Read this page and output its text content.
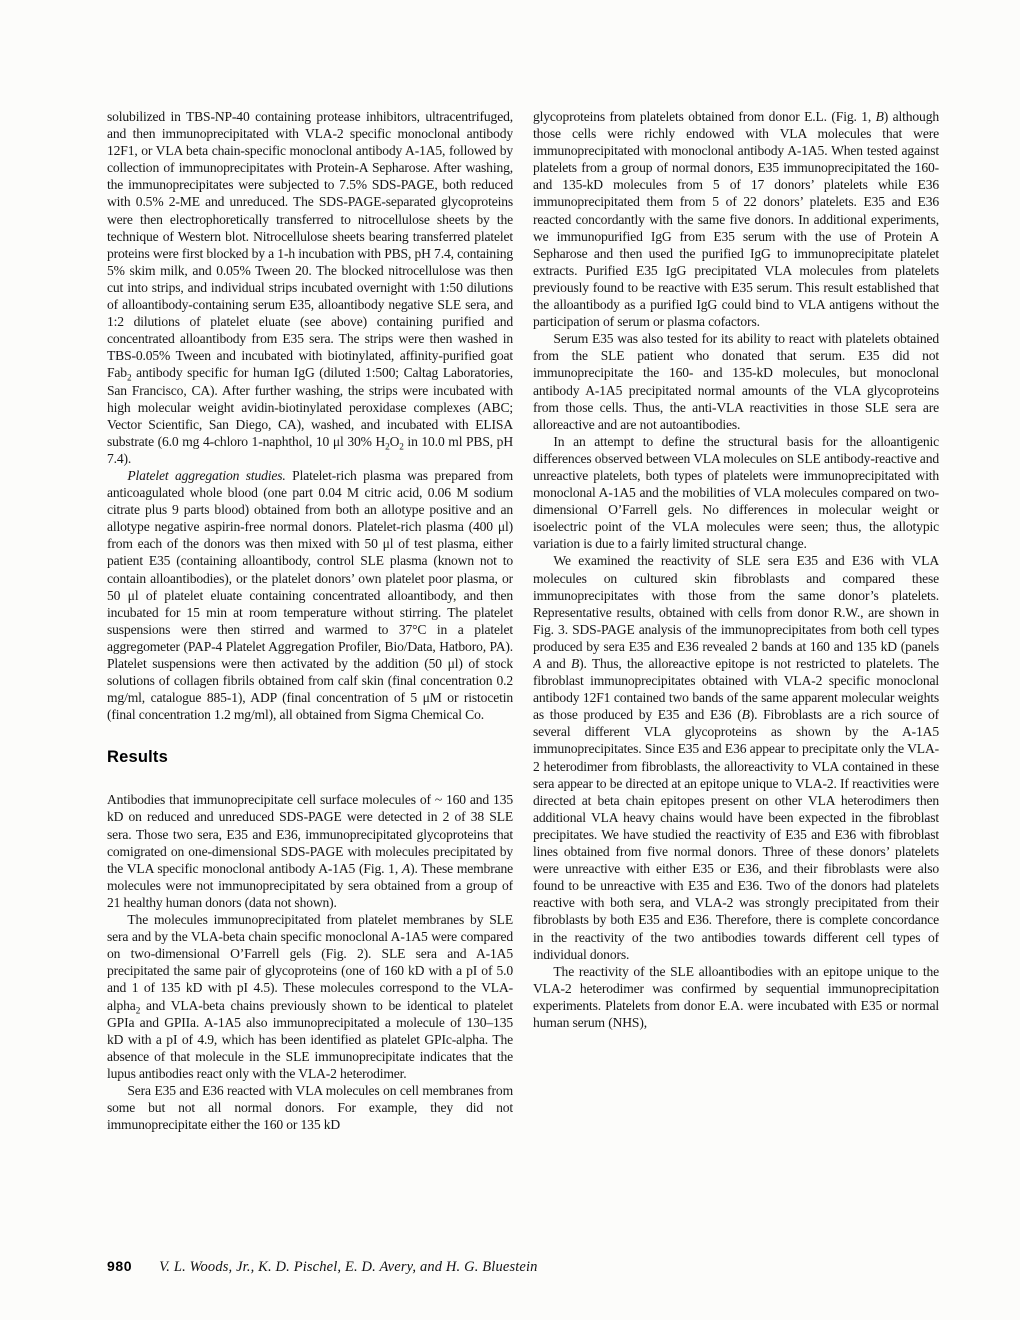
solubilized in TBS-NP-40 containing protease inhibitors, ultracentrifuged, and then immunoprecipitated with VLA-2 specific monoclonal antibody 12F1, or VLA beta chain-specific monoclonal antibody A-1A5, followed by collection of immunoprecipitates with Protein-A Sepharose. After washing, the immunoprecipitates were subjected to 7.5% SDS-PAGE, both reduced with 0.5% 2-ME and unreduced. The SDS-PAGE-separated glycoproteins were then electrophoretically transferred to nitrocellulose sheets by the technique of Western blot. Nitrocellulose sheets bearing transferred platelet proteins were first blocked by a 1-h incubation with PBS, pH 7.4, containing 5% skim milk, and 0.05% Tween 20. The blocked nitrocellulose was then cut into strips, and individual strips incubated overnight with 1:50 dilutions of alloantibody-containing serum E35, alloantibody negative SLE sera, and 1:2 dilutions of platelet eluate (see above) containing purified and concentrated alloantibody from E35 sera. The strips were then washed in TBS-0.05% Tween and incubated with biotinylated, affinity-purified goat Fab$_2$ antibody specific for human IgG (diluted 1:500; Caltag Laboratories, San Francisco, CA). After further washing, the strips were incubated with high molecular weight avidin-biotinylated peroxidase complexes (ABC; Vector Scientific, San Diego, CA), washed, and incubated with ELISA substrate (6.0 mg 4-chloro 1-naphthol, 10 μl 30% $H_2O_2$ in 10.0 ml PBS, pH 7.4).

Platelet aggregation studies. Platelet-rich plasma was prepared from anticoagulated whole blood (one part 0.04 M citric acid, 0.06 M sodium citrate plus 9 parts blood) obtained from both an allotype positive and an allotype negative aspirin-free normal donors. Platelet-rich plasma (400 μl) from each of the donors was then mixed with 50 μl of test plasma, either patient E35 (containing alloantibody, control SLE plasma (known not to contain alloantibodies), or the platelet donors’ own platelet poor plasma, or 50 μl of platelet eluate containing concentrated alloantibody, and then incubated for 15 min at room temperature without stirring. The platelet suspensions were then stirred and warmed to 37°C in a platelet aggregometer (PAP-4 Platelet Aggregation Profiler, Bio/Data, Hatboro, PA). Platelet suspensions were then activated by the addition (50 μl) of stock solutions of collagen fibrils obtained from calf skin (final concentration 0.2 mg/ml, catalogue 885-1), ADP (final concentration of 5 μM or ristocetin (final concentration 1.2 mg/ml), all obtained from Sigma Chemical Co.

Results

Antibodies that immunoprecipitate cell surface molecules of ~ 160 and 135 kD on reduced and unreduced SDS-PAGE were detected in 2 of 38 SLE sera. Those two sera, E35 and E36, immunoprecipitated glycoproteins that comigrated on one-dimensional SDS-PAGE with molecules precipitated by the VLA specific monoclonal antibody A-1A5 (Fig. 1, A). These membrane molecules were not immunoprecipitated by sera obtained from a group of 21 healthy human donors (data not shown).

The molecules immunoprecipitated from platelet membranes by SLE sera and by the VLA-beta chain specific monoclonal A-1A5 were compared on two-dimensional O’Farrell gels (Fig. 2). SLE sera and A-1A5 precipitated the same pair of glycoproteins (one of 160 kD with a pI of 5.0 and 1 of 135 kD with pI 4.5). These molecules correspond to the VLA-alpha$_2$ and VLA-beta chains previously shown to be identical to platelet GPIa and GPIIa. A-1A5 also immunoprecipitated a molecule of 130–135 kD with a pI of 4.9, which has been identified as platelet GPIc-alpha. The absence of that molecule in the SLE immunoprecipitate indicates that the lupus antibodies react only with the VLA-2 heterodimer.

Sera E35 and E36 reacted with VLA molecules on cell membranes from some but not all normal donors. For example, they did not immunoprecipitate either the 160 or 135 kD

glycoproteins from platelets obtained from donor E.L. (Fig. 1, B) although those cells were richly endowed with VLA molecules that were immunoprecipitated with monoclonal antibody A-1A5. When tested against platelets from a group of normal donors, E35 immunoprecipitated the 160- and 135-kD molecules from 5 of 17 donors’ platelets while E36 immunoprecipitated them from 5 of 22 donors’ platelets. E35 and E36 reacted concordantly with the same five donors. In additional experiments, we immunopurified IgG from E35 serum with the use of Protein A Sepharose and then used the purified IgG to immunoprecipitate platelet extracts. Purified E35 IgG precipitated VLA molecules from platelets previously found to be reactive with E35 serum. This result established that the alloantibody as a purified IgG could bind to VLA antigens without the participation of serum or plasma cofactors.

Serum E35 was also tested for its ability to react with platelets obtained from the SLE patient who donated that serum. E35 did not immunoprecipitate the 160- and 135-kD molecules, but monoclonal antibody A-1A5 precipitated normal amounts of the VLA glycoproteins from those cells. Thus, the anti-VLA reactivities in those SLE sera are alloreactive and are not autoantibodies.

In an attempt to define the structural basis for the alloantigenic differences observed between VLA molecules on SLE antibody-reactive and unreactive platelets, both types of platelets were immunoprecipitated with monoclonal A-1A5 and the mobilities of VLA molecules compared on two-dimensional O’Farrell gels. No differences in molecular weight or isoelectric point of the VLA molecules were seen; thus, the allotypic variation is due to a fairly limited structural change.

We examined the reactivity of SLE sera E35 and E36 with VLA molecules on cultured skin fibroblasts and compared these immunoprecipitates with those from the same donor’s platelets. Representative results, obtained with cells from donor R.W., are shown in Fig. 3. SDS-PAGE analysis of the immunoprecipitates from both cell types produced by sera E35 and E36 revealed 2 bands at 160 and 135 kD (panels A and B). Thus, the alloreactive epitope is not restricted to platelets. The fibroblast immunoprecipitates obtained with VLA-2 specific monoclonal antibody 12F1 contained two bands of the same apparent molecular weights as those produced by E35 and E36 (B). Fibroblasts are a rich source of several different VLA glycoproteins as shown by the A-1A5 immunoprecipitates. Since E35 and E36 appear to precipitate only the VLA-2 heterodimer from fibroblasts, the alloreactivity to VLA contained in these sera appear to be directed at an epitope unique to VLA-2. If reactivities were directed at beta chain epitopes present on other VLA heterodimers then additional VLA heavy chains would have been expected in the fibroblast precipitates. We have studied the reactivity of E35 and E36 with fibroblast lines obtained from five normal donors. Three of these donors’ platelets were unreactive with either E35 or E36, and their fibroblasts were also found to be unreactive with E35 and E36. Two of the donors had platelets reactive with both sera, and VLA-2 was strongly precipitated from their fibroblasts by both E35 and E36. Therefore, there is complete concordance in the reactivity of the two antibodies towards different cell types of individual donors.

The reactivity of the SLE alloantibodies with an epitope unique to the VLA-2 heterodimer was confirmed by sequential immunoprecipitation experiments. Platelets from donor E.A. were incubated with E35 or normal human serum (NHS),

980 V. L. Woods, Jr., K. D. Pischel, E. D. Avery, and H. G. Bluestein
